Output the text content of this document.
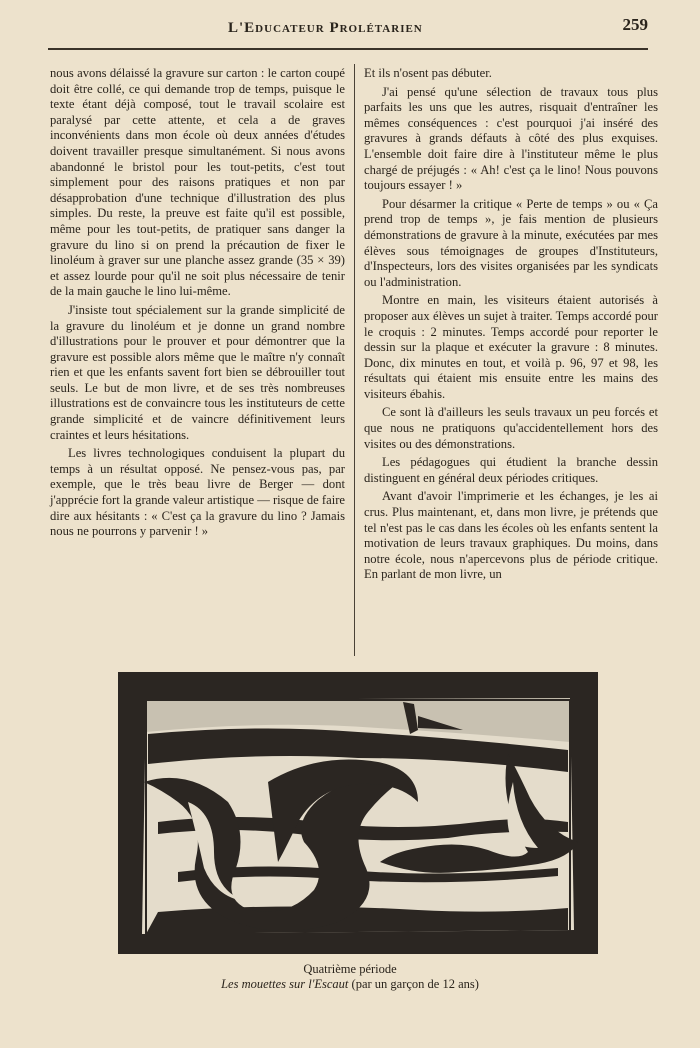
L'Educateur Prolétarien	259

nous avons délaissé la gravure sur carton : le carton coupé doit être collé, ce qui demande trop de temps, puisque le texte étant déjà composé, tout le travail scolaire est paralysé par cette attente, et cela a de graves inconvénients dans mon école où deux années d'études doivent travailler presque simultanément. Si nous avons abandonné le bristol pour les tout-petits, c'est tout simplement pour des raisons pratiques et non par désapprobation d'une technique d'illustration des plus simples. Du reste, la preuve est faite qu'il est possible, même pour les tout-petits, de pratiquer sans danger la gravure du lino si on prend la précaution de fixer le linoléum à graver sur une planche assez grande (35 × 39) et assez lourde pour qu'il ne soit plus nécessaire de tenir de la main gauche le lino lui-même.

J'insiste tout spécialement sur la grande simplicité de la gravure du linoléum et je donne un grand nombre d'illustrations pour le prouver et pour démontrer que la gravure est possible alors même que le maître n'y connaît rien et que les enfants savent fort bien se débrouiller tout seuls. Le but de mon livre, et de ses très nombreuses illustrations est de convaincre tous les instituteurs de cette grande simplicité et de vaincre définitivement leurs craintes et leurs hésitations.

Les livres technologiques conduisent la plupart du temps à un résultat opposé. Ne pensez-vous pas, par exemple, que le très beau livre de Berger — dont j'apprécie fort la grande valeur artistique — risque de faire dire aux hésitants : « C'est ça la gravure du lino ? Jamais nous ne pourrons y parvenir ! »

Et ils n'osent pas débuter.

J'ai pensé qu'une sélection de travaux tous plus parfaits les uns que les autres, risquait d'entraîner les mêmes conséquences : c'est pourquoi j'ai inséré des gravures à grands défauts à côté des plus exquises. L'ensemble doit faire dire à l'instituteur même le plus chargé de préjugés : « Ah! c'est ça le lino! Nous pouvons toujours essayer ! »

Pour désarmer la critique « Perte de temps » ou « Ça prend trop de temps », je fais mention de plusieurs démonstrations de gravure à la minute, exécutées par mes élèves sous témoignages de groupes d'Instituteurs, d'Inspecteurs, lors des visites organisées par les syndicats ou l'administration.

Montre en main, les visiteurs étaient autorisés à proposer aux élèves un sujet à traiter. Temps accordé pour le croquis : 2 minutes. Temps accordé pour reporter le dessin sur la plaque et exécuter la gravure : 8 minutes. Donc, dix minutes en tout, et voilà p. 96, 97 et 98, les résultats qui étaient mis ensuite entre les mains des visiteurs ébahis.

Ce sont là d'ailleurs les seuls travaux un peu forcés et que nous ne pratiquons qu'accidentellement hors des visites ou des démonstrations.

Les pédagogues qui étudient la branche dessin distinguent en général deux périodes critiques.

Avant d'avoir l'imprimerie et les échanges, je les ai crus. Plus maintenant, et, dans mon livre, je prétends que tel n'est pas le cas dans les écoles où les enfants sentent la motivation de leurs travaux graphiques. Du moins, dans notre école, nous n'apercevons plus de période critique. En parlant de mon livre, un

Quatrième période
Les mouettes sur l'Escaut (par un garçon de 12 ans)
